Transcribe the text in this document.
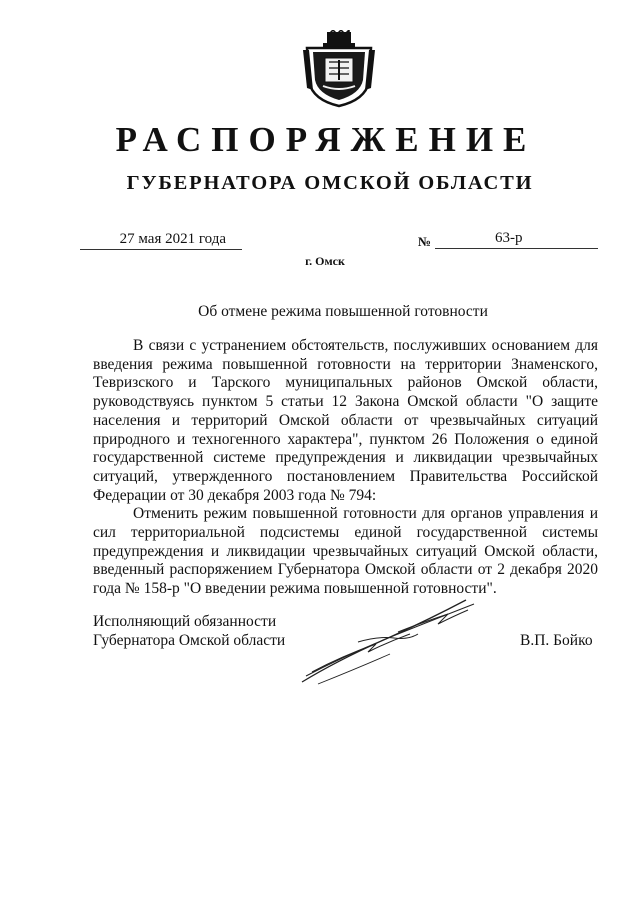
РАСПОРЯЖЕНИЕ
ГУБЕРНАТОРА ОМСКОЙ ОБЛАСТИ
27 мая 2021 года	№	63-р
г. Омск
Об отмене режима повышенной готовности

В связи с устранением обстоятельств, послуживших основанием для введения режима повышенной готовности на территории Знаменского, Тевризского и Тарского муниципальных районов Омской области, руководствуясь пунктом 5 статьи 12 Закона Омской области "О защите населения и территорий Омской области от чрезвычайных ситуаций природного и техногенного характера", пунктом 26 Положения о единой государственной системе предупреждения и ликвидации чрезвычайных ситуаций, утвержденного постановлением Правительства Российской Федерации от 30 декабря 2003 года № 794:

Отменить режим повышенной готовности для органов управления и сил территориальной подсистемы единой государственной системы предупреждения и ликвидации чрезвычайных ситуаций Омской области, введенный распоряжением Губернатора Омской области от 2 декабря 2020 года № 158-р "О введении режима повышенной готовности".

Исполняющий обязанности
Губернатора Омской области	В.П. Бойко
